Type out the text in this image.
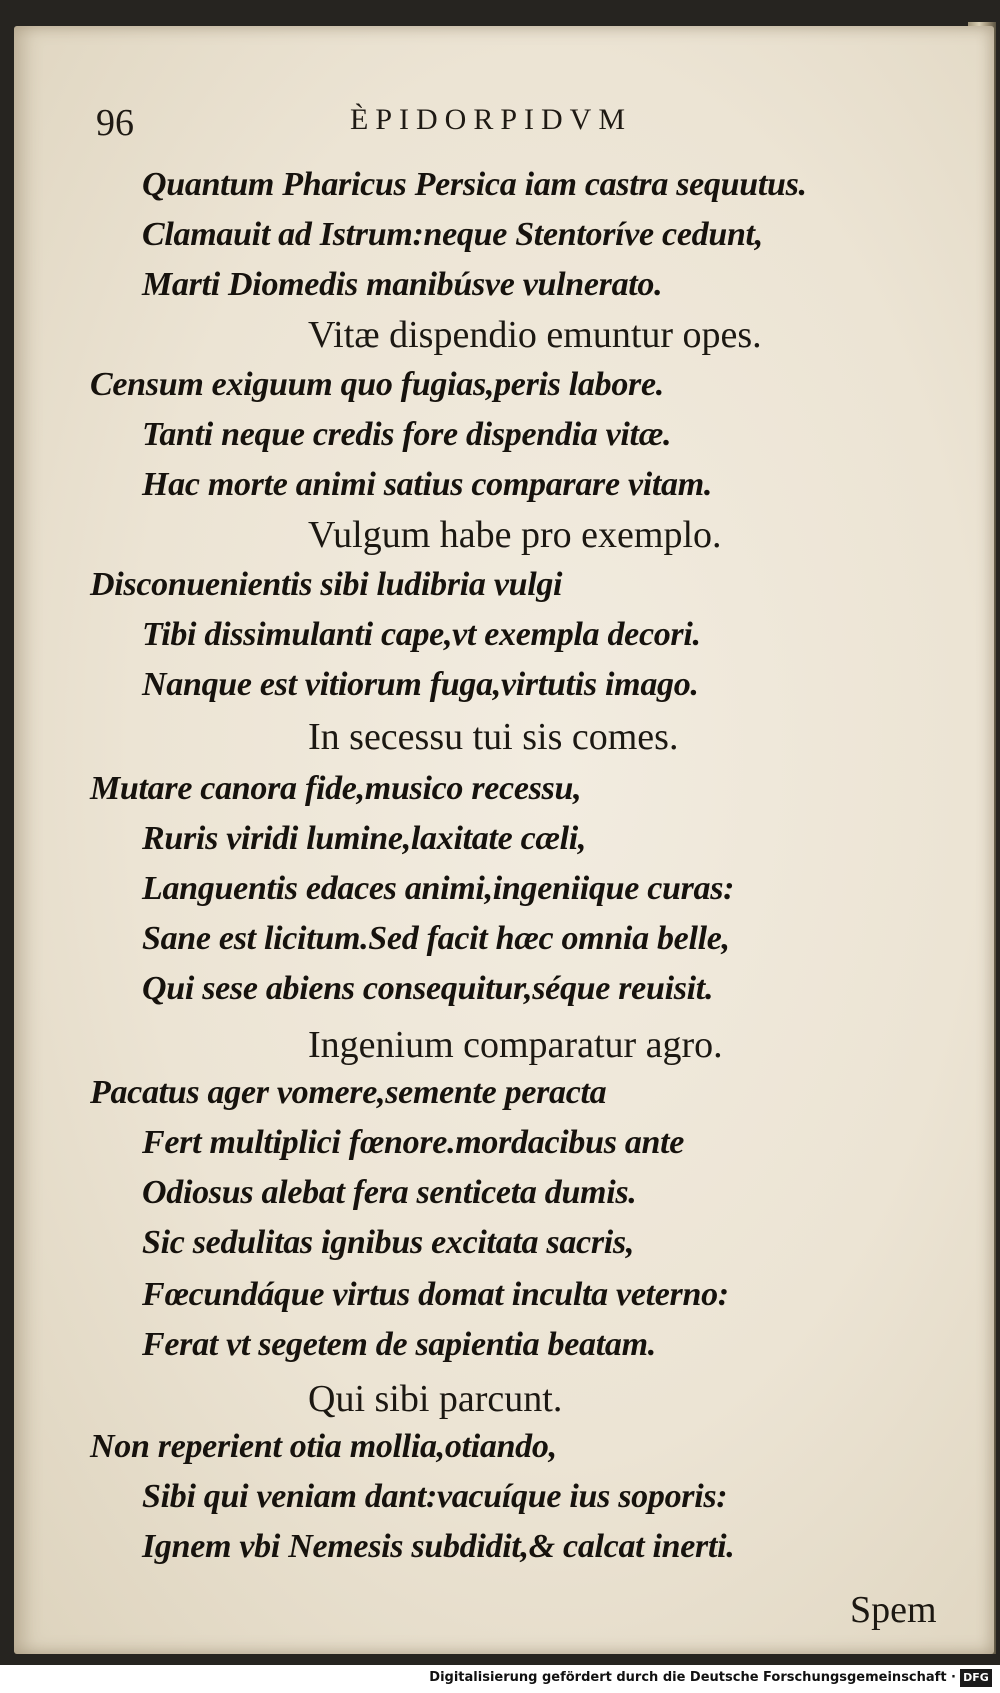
96	ÈPIDORPIDVM
Quantum Pharicus Persica iam castra sequutus.
Clamauit ad Istrum:neque Stentoríve cedunt,
Marti Diomedis manibúsve vulnerato.
Vitæ dispendio emuntur opes.
Censum exiguum quo fugias,peris labore.
Tanti neque credis fore dispendia vitæ.
Hac morte animi satius comparare vitam.
Vulgum habe pro exemplo.
Disconuenientis sibi ludibria vulgi
Tibi dissimulanti cape,vt exempla decori.
Nanque est vitiorum fuga,virtutis imago.
In secessu tui sis comes.
Mutare canora fide,musico recessu,
Ruris viridi lumine,laxitate cæli,
Languentis edaces animi,ingeniique curas:
Sane est licitum.Sed facit hæc omnia belle,
Qui sese abiens consequitur,séque reuisit.
Ingenium comparatur agro.
Pacatus ager vomere,semente peracta
Fert multiplici fœnore.mordacibus ante
Odiosus alebat fera senticeta dumis.
Sic sedulitas ignibus excitata sacris,
Fœcundáque virtus domat inculta veterno:
Ferat vt segetem de sapientia beatam.
Qui sibi parcunt.
Non reperient otia mollia,otiando,
Sibi qui veniam dant:vacuíque ius soporis:
Ignem vbi Nemesis subdidit,& calcat inerti.
Spem
Digitalisierung gefördert durch die Deutsche Forschungsgemeinschaft · DFG
